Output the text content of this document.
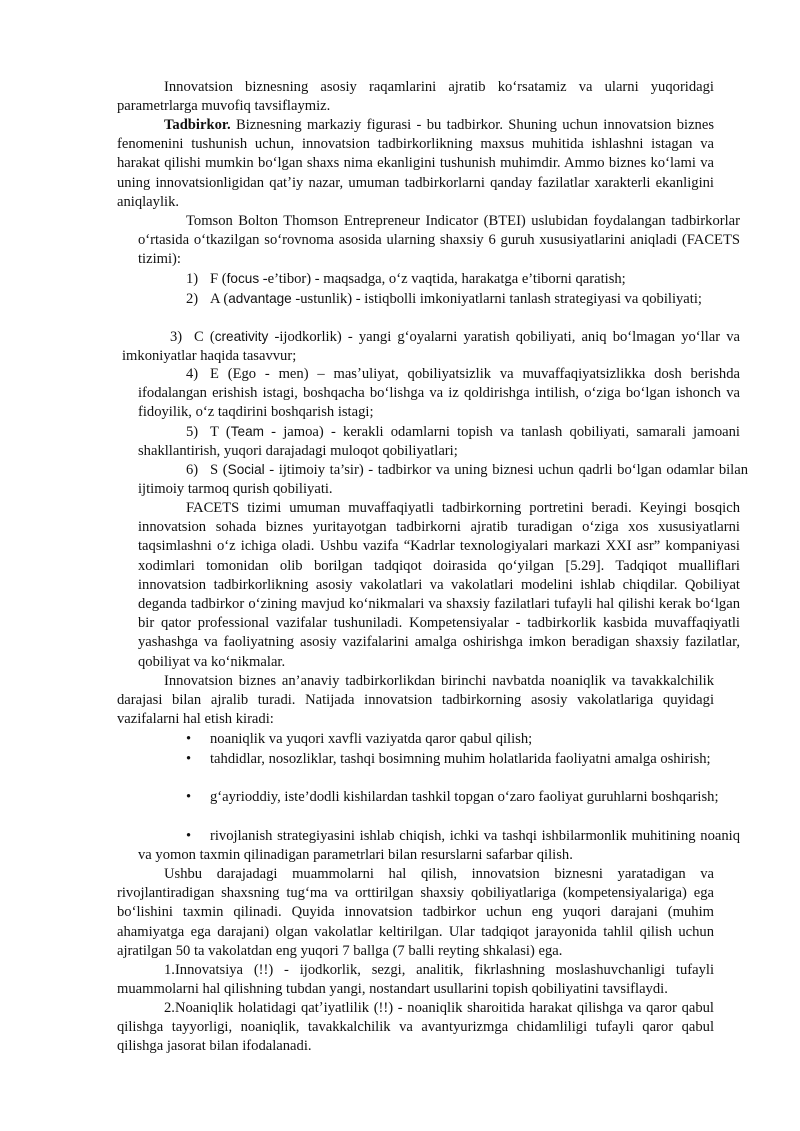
Innovatsion biznesning asosiy raqamlarini ajratib koʻrsatamiz va ularni yuqoridagi parametrlarga muvofiq tavsiflaymiz.

Tadbirkor. Biznesning markaziy figurasi - bu tadbirkor. Shuning uchun innovatsion biznes fenomenini tushunish uchun, innovatsion tadbirkorlikning maxsus muhitida ishlashni istagan va harakat qilishi mumkin boʻlgan shaxs nima ekanligini tushunish muhimdir. Ammo biznes koʻlami va uning innovatsionligidan qatʼiy nazar, umuman tadbirkorlarni qanday fazilatlar xarakterli ekanligini aniqlaylik.

Tomson Bolton Thomson Entrepreneur Indicator (BTEI) uslubidan foydalangan tadbirkorlar oʻrtasida oʻtkazilgan soʻrovnoma asosida ularning shaxsiy 6 guruh xususiyatlarini aniqladi (FACETS tizimi):

1) F (focus -e’tibor) - maqsadga, oʻz vaqtida, harakatga e’tiborni qaratish;

2) A (advantage -ustunlik) - istiqbolli imkoniyatlarni tanlash strategiyasi va qobiliyati;

3) C (creativity -ijodkorlik) - yangi gʻoyalarni yaratish qobiliyati, aniq boʻlmagan yoʻllar va imkoniyatlar haqida tasavvur;

4) E (Ego - men) – masʼuliyat, qobiliyatsizlik va muvaffaqiyatsizlikka dosh berishda ifodalangan erishish istagi, boshqacha boʻlishga va iz qoldirishga intilish, oʻziga boʻlgan ishonch va fidoyilik, oʻz taqdirini boshqarish istagi;

5) T (Team - jamoa) - kerakli odamlarni topish va tanlash qobiliyati, samarali jamoani shakllantirish, yuqori darajadagi muloqot qobiliyatlari;

6) S (Social - ijtimoiy ta’sir) - tadbirkor va uning biznesi uchun qadrli boʻlgan odamlar bilan ijtimoiy tarmoq qurish qobiliyati.

FACETS tizimi umuman muvaffaqiyatli tadbirkorning portretini beradi. Keyingi bosqich innovatsion sohada biznes yuritayotgan tadbirkorni ajratib turadigan oʻziga xos xususiyatlarni taqsimlashni oʻz ichiga oladi. Ushbu vazifa “Kadrlar texnologiyalari markazi XXI asr” kompaniyasi xodimlari tomonidan olib borilgan tadqiqot doirasida qoʻyilgan [5.29]. Tadqiqot mualliflari innovatsion tadbirkorlikning asosiy vakolatlari va vakolatlari modelini ishlab chiqdilar. Qobiliyat deganda tadbirkor oʻzining mavjud koʻnikmalari va shaxsiy fazilatlari tufayli hal qilishi kerak boʻlgan bir qator professional vazifalar tushuniladi. Kompetensiyalar - tadbirkorlik kasbida muvaffaqiyatli yashashga va faoliyatning asosiy vazifalarini amalga oshirishga imkon beradigan shaxsiy fazilatlar, qobiliyat va koʻnikmalar.

Innovatsion biznes an’anaviy tadbirkorlikdan birinchi navbatda noaniqlik va tavakkalchilik darajasi bilan ajralib turadi. Natijada innovatsion tadbirkorning asosiy vakolatlariga quyidagi vazifalarni hal etish kiradi:

• noaniqlik va yuqori xavfli vaziyatda qaror qabul qilish;

• tahdidlar, nosozliklar, tashqi bosimning muhim holatlarida faoliyatni amalga oshirish;

• gʻayrioddiy, iste’dodli kishilardan tashkil topgan oʻzaro faoliyat guruhlarni boshqarish;

• rivojlanish strategiyasini ishlab chiqish, ichki va tashqi ishbilarmonlik muhitining noaniq va yomon taxmin qilinadigan parametrlari bilan resurslarni safarbar qilish.

Ushbu darajadagi muammolarni hal qilish, innovatsion biznesni yaratadigan va rivojlantiradigan shaxsning tugʻma va orttirilgan shaxsiy qobiliyatlariga (kompetensiyalariga) ega boʻlishini taxmin qilinadi. Quyida innovatsion tadbirkor uchun eng yuqori darajani (muhim ahamiyatga ega darajani) olgan vakolatlar keltirilgan. Ular tadqiqot jarayonida tahlil qilish uchun ajratilgan 50 ta vakolatdan eng yuqori 7 ballga (7 balli reyting shkalasi) ega.

1.Innovatsiya (!!) - ijodkorlik, sezgi, analitik, fikrlashning moslashuvchanligi tufayli muammolarni hal qilishning tubdan yangi, nostandart usullarini topish qobiliyatini tavsiflaydi.

2.Noaniqlik holatidagi qatʼiyatlilik (!!) - noaniqlik sharoitida harakat qilishga va qaror qabul qilishga tayyorligi, noaniqlik, tavakkalchilik va avantyurizmga chidamliligi tufayli qaror qabul qilishga jasorat bilan ifodalanadi.
